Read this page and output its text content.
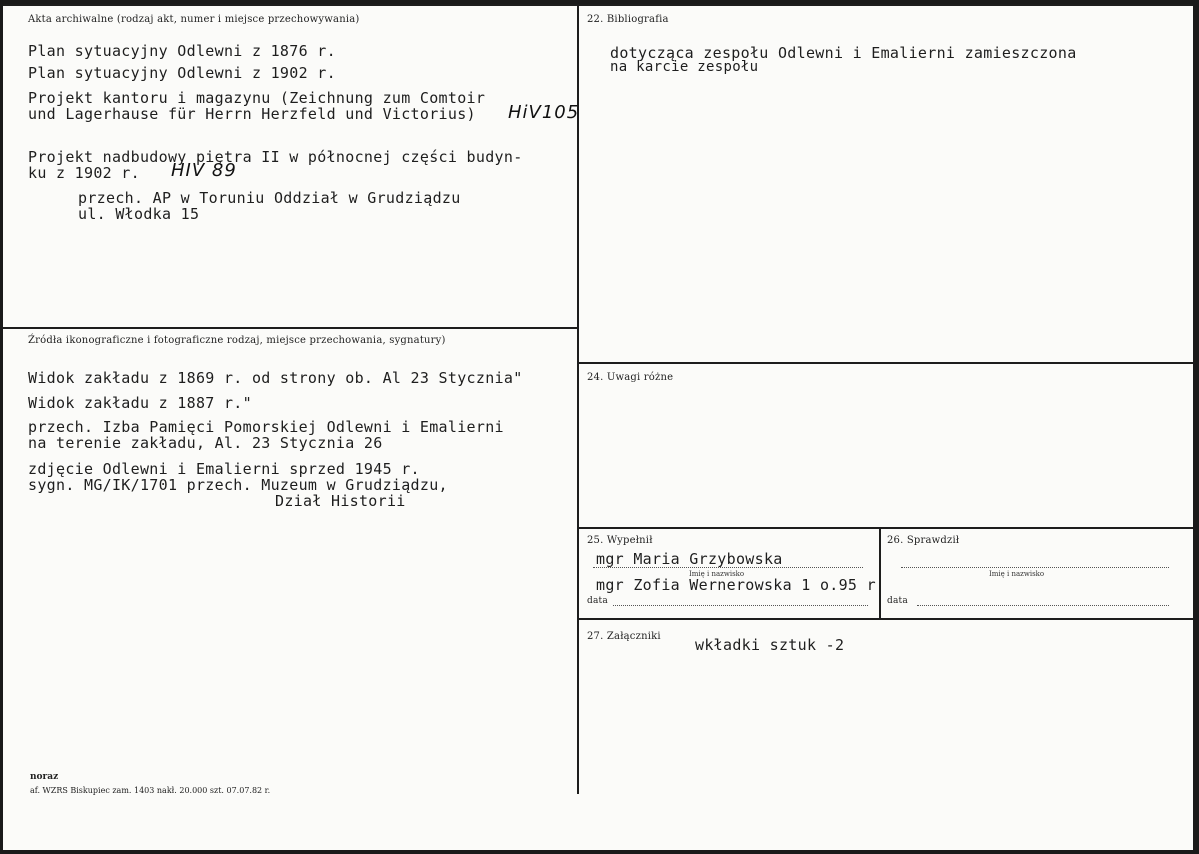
Akta archiwalne (rodzaj akt, numer i miejsce przechowywania)
Plan sytuacyjny Odlewni z 1876 r.
Plan sytuacyjny Odlewni z 1902 r.
Projekt kantoru i magazynu (Zeichnung zum Comtoir
und Lagerhause für Herrn Herzfeld und Victorius) HiV105
Projekt nadbudowy piętra II w północnej części budyn-
ku z 1902 r. HIV 89
przech. AP w Toruniu Oddział w Grudziądzu
ul. Włodka 15
Źródła ikonograficzne i fotograficzne rodzaj, miejsce przechowania, sygnatury)
Widok zakładu z 1869 r. od strony ob. Al 23 Stycznia"
Widok zakładu z 1887 r."
przech. Izba Pamięci Pomorskiej Odlewni i Emalierni
na terenie zakładu, Al. 23 Stycznia 26
zdjęcie Odlewni i Emalierni sprzed 1945 r.
sygn. MG/IK/1701 przech. Muzeum w Grudziądzu,
Dział Historii
22. Bibliografia
dotycząca zespołu Odlewni i Emalierni zamieszczona
na karcie zespołu
24. Uwagi różne
25. Wypełnił
mgr Maria Grzybowska
Imię i nazwisko
mgr Zofia Wernerowska 1 o.95 r
data
26. Sprawdził
Imię i nazwisko
data
27. Załączniki wkładki sztuk -2
noraz
af. WZRS Biskupiec zam. 1403 nakł. 20.000 szt. 07.07.82 r.
